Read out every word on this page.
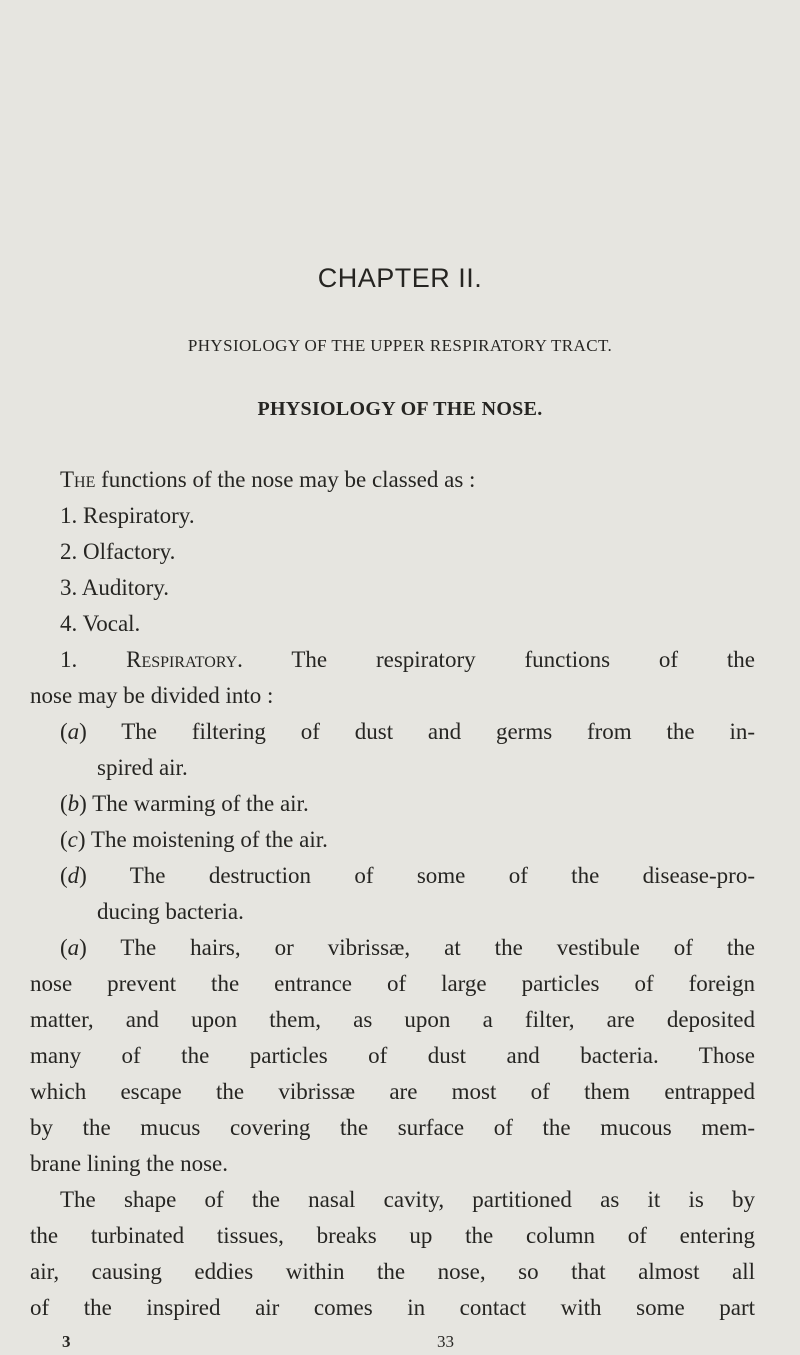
CHAPTER II.
PHYSIOLOGY OF THE UPPER RESPIRATORY TRACT.
PHYSIOLOGY OF THE NOSE.
The functions of the nose may be classed as :
1. Respiratory.
2. Olfactory.
3. Auditory.
4. Vocal.
1. Respiratory. The respiratory functions of the
nose may be divided into :
(a) The filtering of dust and germs from the in-
spired air.
(b) The warming of the air.
(c) The moistening of the air.
(d) The destruction of some of the disease-pro-
ducing bacteria.
(a) The hairs, or vibrissæ, at the vestibule of the
nose prevent the entrance of large particles of foreign
matter, and upon them, as upon a filter, are deposited
many of the particles of dust and bacteria. Those
which escape the vibrissæ are most of them entrapped
by the mucus covering the surface of the mucous mem-
brane lining the nose.
The shape of the nasal cavity, partitioned as it is by
the turbinated tissues, breaks up the column of entering
air, causing eddies within the nose, so that almost all
of the inspired air comes in contact with some part
3	33
